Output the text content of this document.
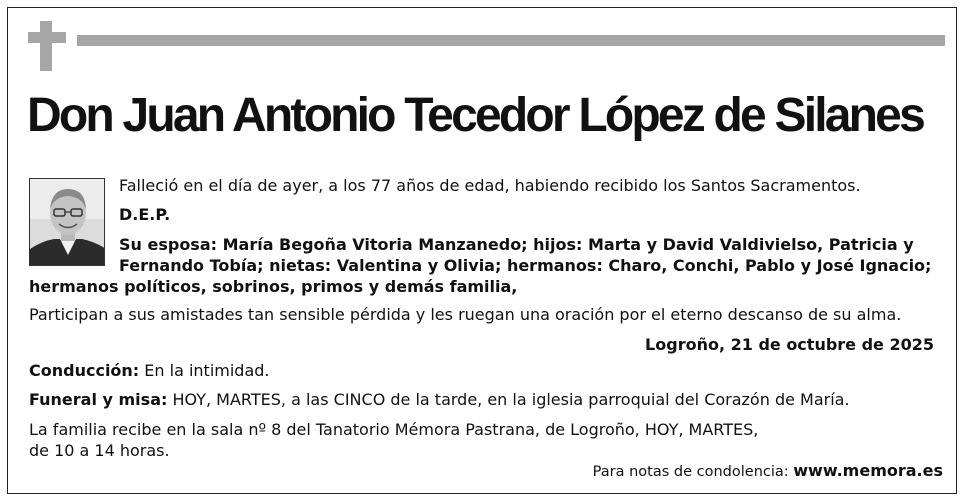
Don Juan Antonio Tecedor López de Silanes
Falleció en el día de ayer, a los 77 años de edad, habiendo recibido los Santos Sacramentos.
D.E.P.
Su esposa: María Begoña Vitoria Manzanedo; hijos: Marta y David Valdivielso, Patricia y
Fernando Tobía; nietas: Valentina y Olivia; hermanos: Charo, Conchi, Pablo y José Ignacio;
hermanos políticos, sobrinos, primos y demás familia,
Participan a sus amistades tan sensible pérdida y les ruegan una oración por el eterno descanso de su alma.
Logroño, 21 de octubre de 2025
Conducción: En la intimidad.
Funeral y misa: HOY, MARTES, a las CINCO de la tarde, en la iglesia parroquial del Corazón de María.
La familia recibe en la sala nº 8 del Tanatorio Mémora Pastrana, de Logroño, HOY, MARTES,
de 10 a 14 horas.
Para notas de condolencia: www.memora.es
